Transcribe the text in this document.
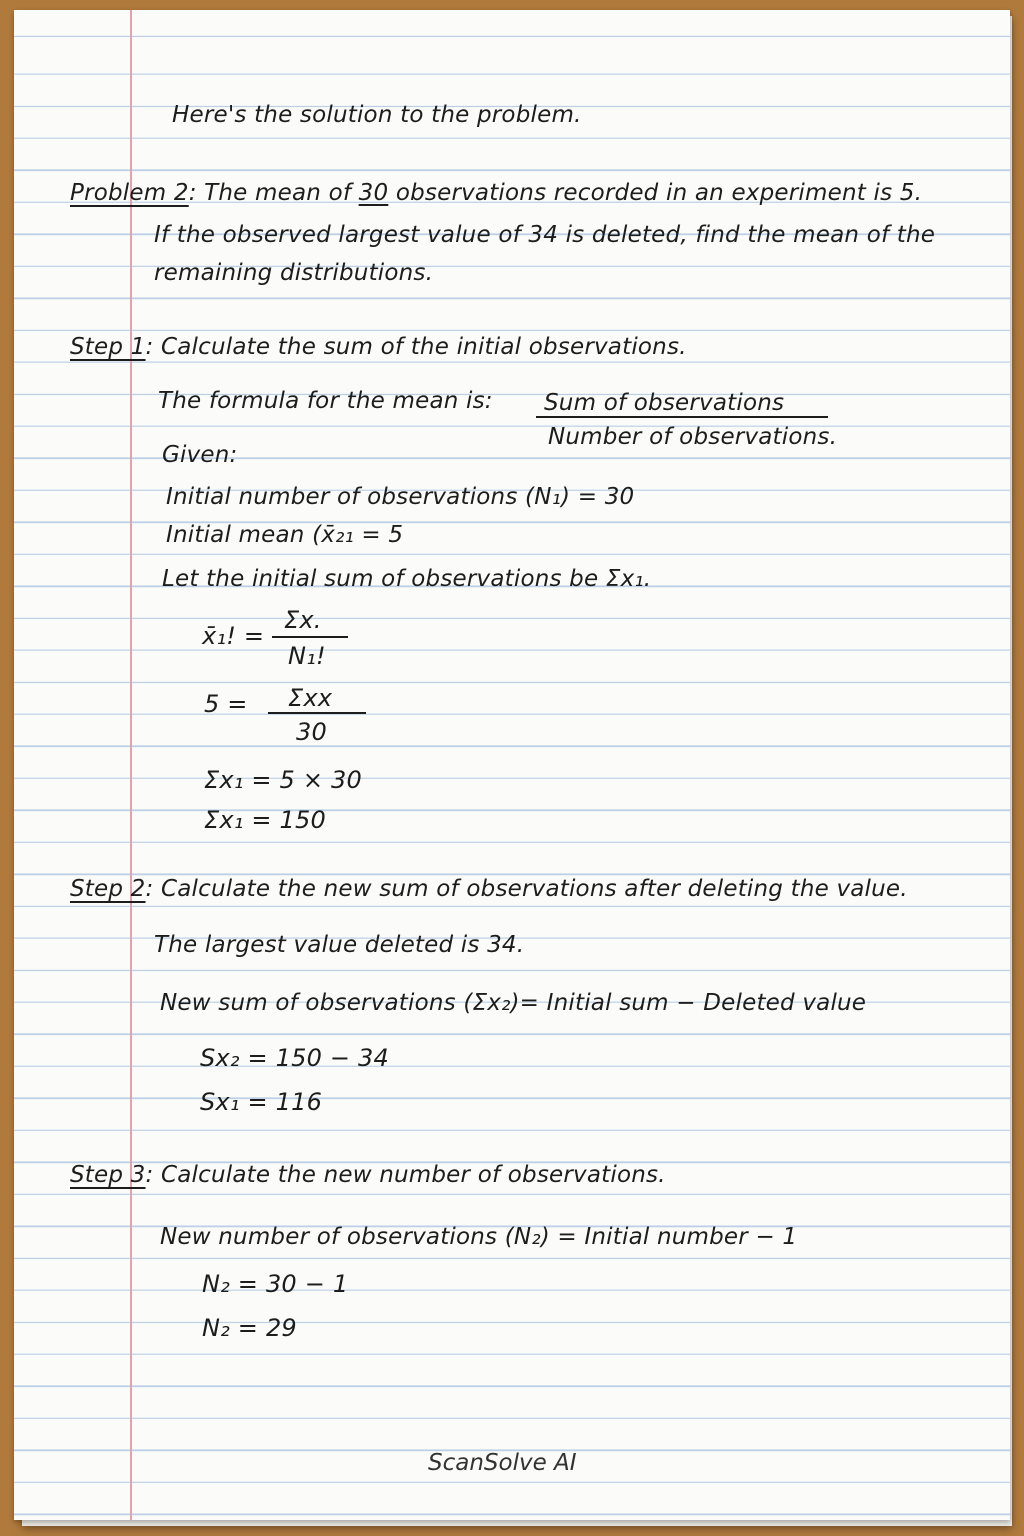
Here's the solution to the problem.
Problem 2: The mean of 30 observations recorded in an experiment is 5.
If the observed largest value of 34 is deleted, find the mean of the
remaining distributions.
Step 1: Calculate the sum of the initial observations.
The formula for the mean is: Sum of observations
Number of observations.
Given:
Initial number of observations (N₁) = 30
Initial mean (x̄₂₁ = 5
Let the initial sum of observations be Σx₁.
x̄₁! =
Σx.
N₁!
5 = Σxx
30
Σx₁ = 5 × 30
Σx₁ = 150
Step 2: Calculate the new sum of observations after deleting the value.
The largest value deleted is 34.
New sum of observations (Σx₂)= Initial sum − Deleted value
Sx₂ = 150 − 34
Sx₁ = 116
Step 3: Calculate the new number of observations.
New number of observations (N₂) = Initial number − 1
N₂ = 30 − 1
N₂ = 29
ScanSolve AI
